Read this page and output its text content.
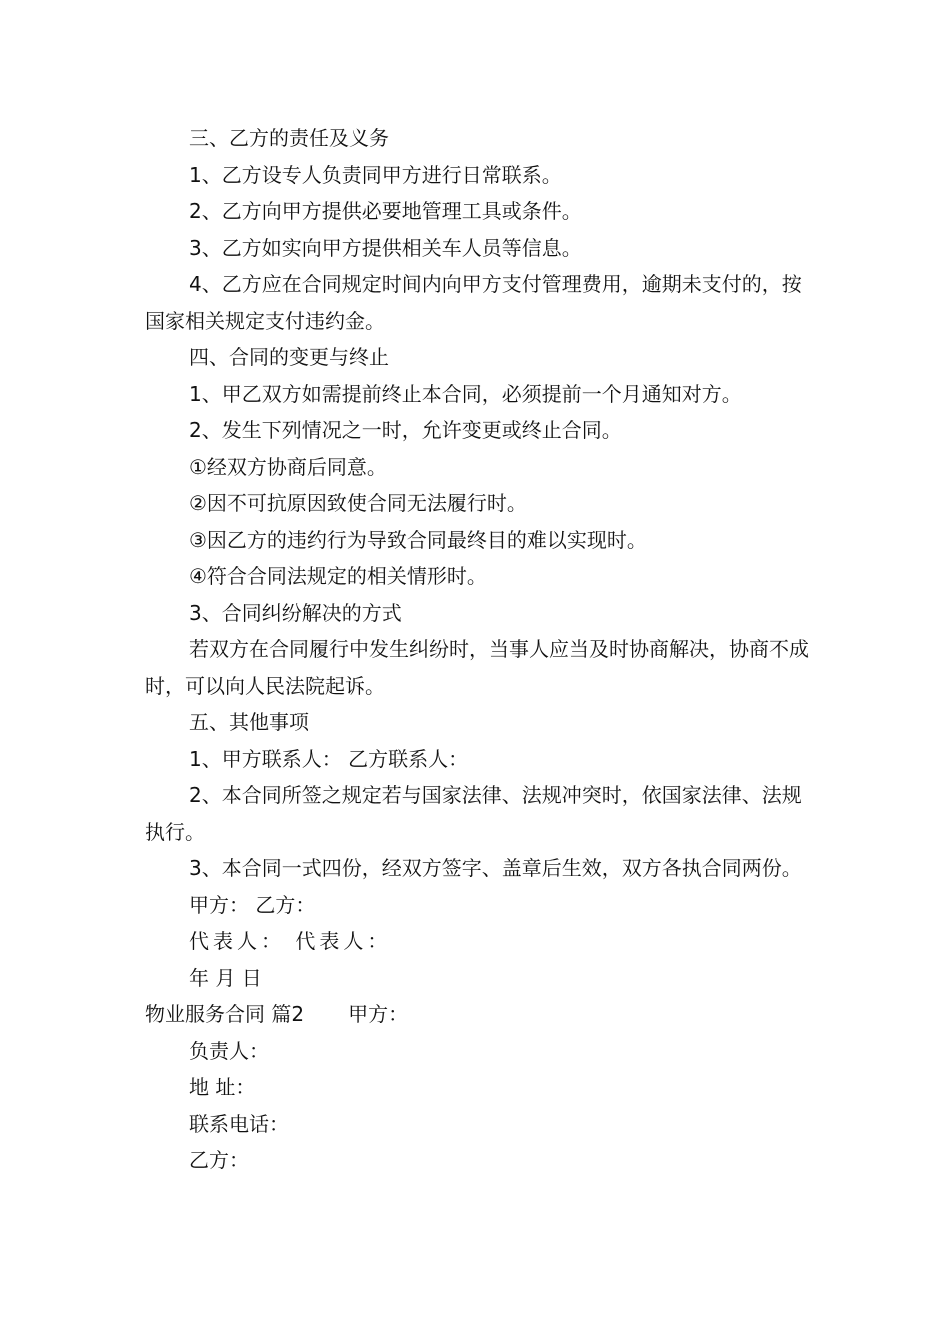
三、乙方的责任及义务

1、乙方设专人负责同甲方进行日常联系。

2、乙方向甲方提供必要地管理工具或条件。

3、乙方如实向甲方提供相关车人员等信息。

4、乙方应在合同规定时间内向甲方支付管理费用，逾期未支付的，按国家相关规定支付违约金。

四、合同的变更与终止

1、甲乙双方如需提前终止本合同，必须提前一个月通知对方。

2、发生下列情况之一时，允许变更或终止合同。

①经双方协商后同意。

②因不可抗原因致使合同无法履行时。

③因乙方的违约行为导致合同最终目的难以实现时。

④符合合同法规定的相关情形时。

3、合同纠纷解决的方式

若双方在合同履行中发生纠纷时，当事人应当及时协商解决，协商不成时，可以向人民法院起诉。

五、其他事项

1、甲方联系人： 乙方联系人：

2、本合同所签之规定若与国家法律、法规冲突时，依国家法律、法规执行。

3、本合同一式四份，经双方签字、盖章后生效，双方各执合同两份。

甲方： 乙方：

代表人： 代表人：

年 月 日

物业服务合同 篇2 甲方：

负责人：

地 址：

联系电话：

乙方：
